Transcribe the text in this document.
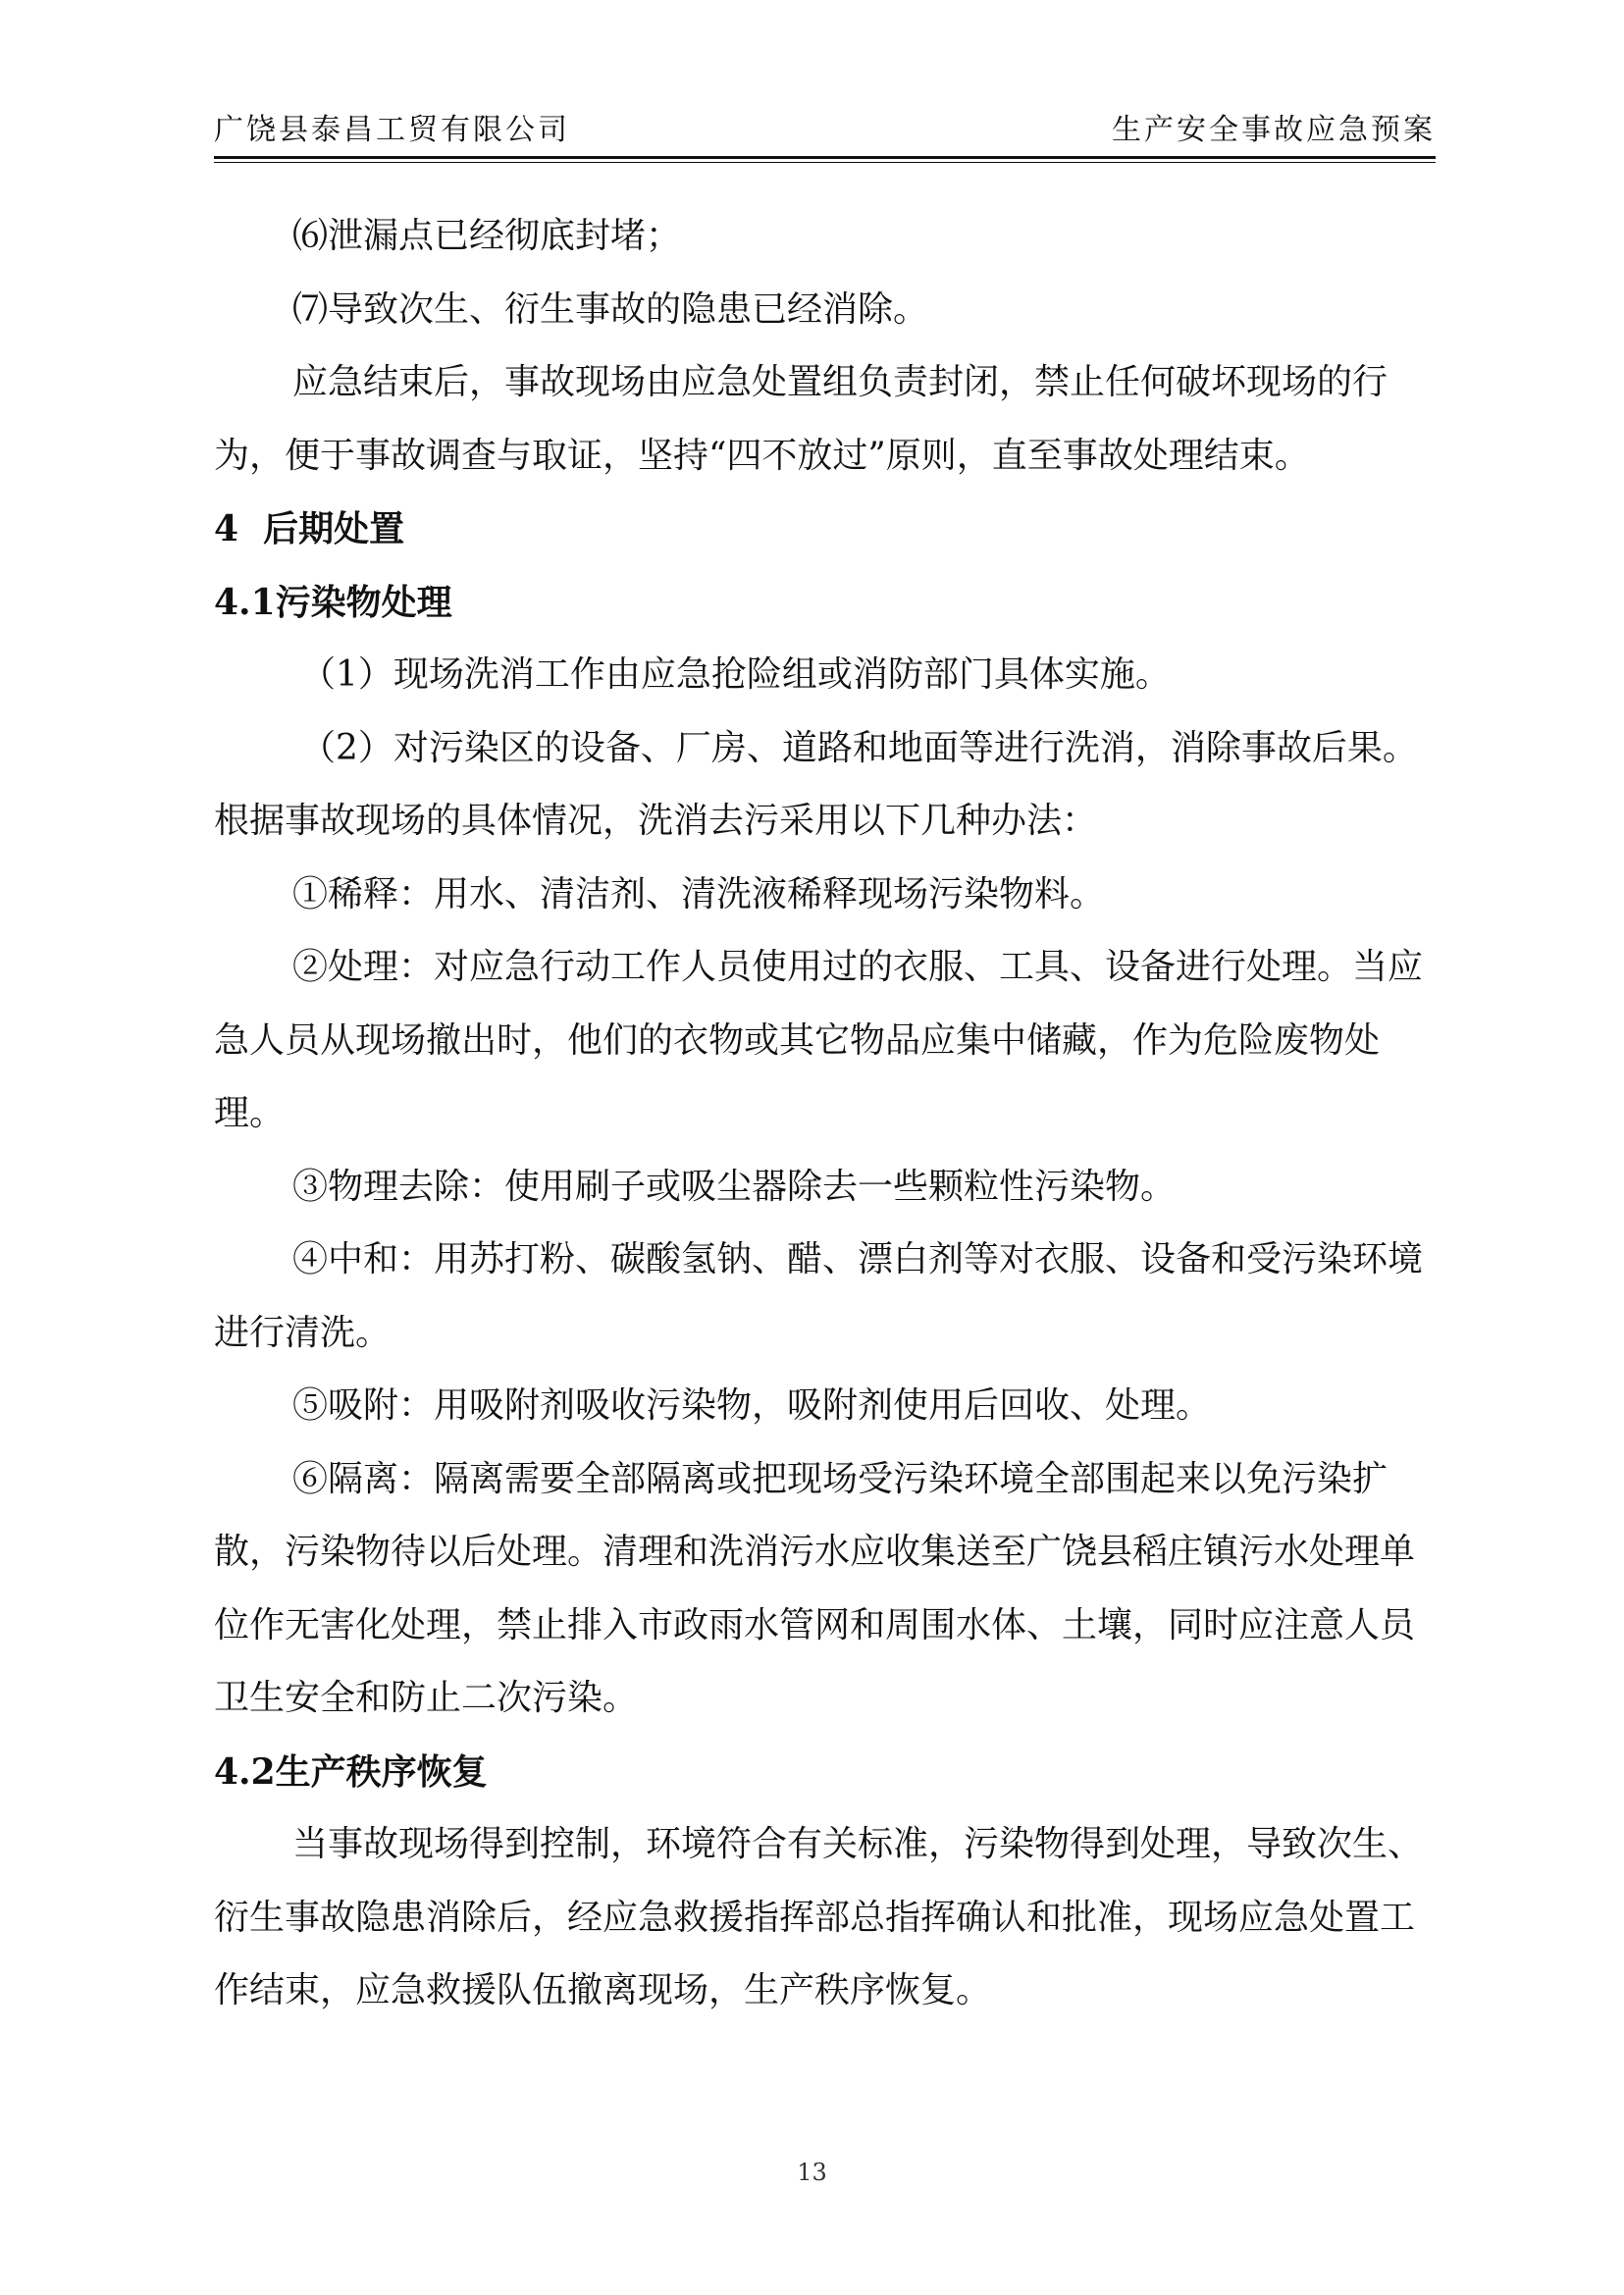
广饶县泰昌工贸有限公司	生产安全事故应急预案

⑹泄漏点已经彻底封堵；

⑺导致次生、衍生事故的隐患已经消除。

应急结束后，事故现场由应急处置组负责封闭，禁止任何破坏现场的行为，便于事故调查与取证，坚持“四不放过”原则，直至事故处理结束。

4  后期处置

4.1污染物处理

（1）现场洗消工作由应急抢险组或消防部门具体实施。

（2）对污染区的设备、厂房、道路和地面等进行洗消，消除事故后果。根据事故现场的具体情况，洗消去污采用以下几种办法：

①稀释：用水、清洁剂、清洗液稀释现场污染物料。

②处理：对应急行动工作人员使用过的衣服、工具、设备进行处理。当应急人员从现场撤出时，他们的衣物或其它物品应集中储藏，作为危险废物处理。

③物理去除：使用刷子或吸尘器除去一些颗粒性污染物。

④中和：用苏打粉、碳酸氢钠、醋、漂白剂等对衣服、设备和受污染环境进行清洗。

⑤吸附：用吸附剂吸收污染物，吸附剂使用后回收、处理。

⑥隔离：隔离需要全部隔离或把现场受污染环境全部围起来以免污染扩散，污染物待以后处理。清理和洗消污水应收集送至广饶县稻庄镇污水处理单位作无害化处理，禁止排入市政雨水管网和周围水体、土壤，同时应注意人员卫生安全和防止二次污染。

4.2生产秩序恢复

当事故现场得到控制，环境符合有关标准，污染物得到处理，导致次生、衍生事故隐患消除后，经应急救援指挥部总指挥确认和批准，现场应急处置工作结束，应急救援队伍撤离现场，生产秩序恢复。

13
